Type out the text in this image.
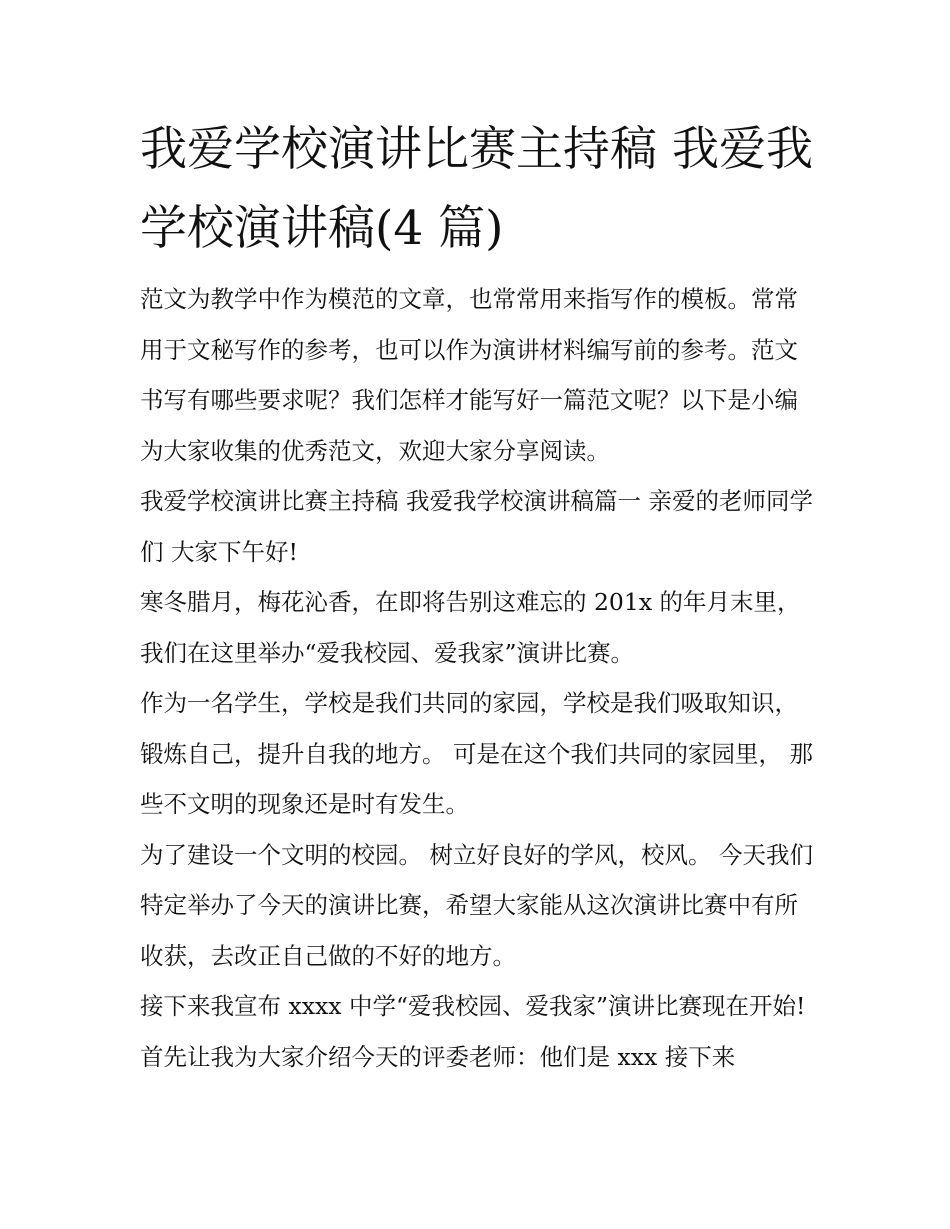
我爱学校演讲比赛主持稿 我爱我学校演讲稿(4 篇)

范文为教学中作为模范的文章，也常常用来指写作的模板。常常用于文秘写作的参考，也可以作为演讲材料编写前的参考。范文书写有哪些要求呢？我们怎样才能写好一篇范文呢？以下是小编为大家收集的优秀范文，欢迎大家分享阅读。

我爱学校演讲比赛主持稿 我爱我学校演讲稿篇一 亲爱的老师同学们 大家下午好!

寒冬腊月，梅花沁香，在即将告别这难忘的 201x 的年月末里，我们在这里举办“爱我校园、爱我家”演讲比赛。

作为一名学生，学校是我们共同的家园，学校是我们吸取知识，锻炼自己，提升自我的地方。 可是在这个我们共同的家园里， 那些不文明的现象还是时有发生。

为了建设一个文明的校园。 树立好良好的学风，校风。 今天我们特定举办了今天的演讲比赛，希望大家能从这次演讲比赛中有所收获，去改正自己做的不好的地方。

接下来我宣布 xxxx 中学“爱我校园、爱我家”演讲比赛现在开始! 首先让我为大家介绍今天的评委老师：他们是 xxx 接下来
